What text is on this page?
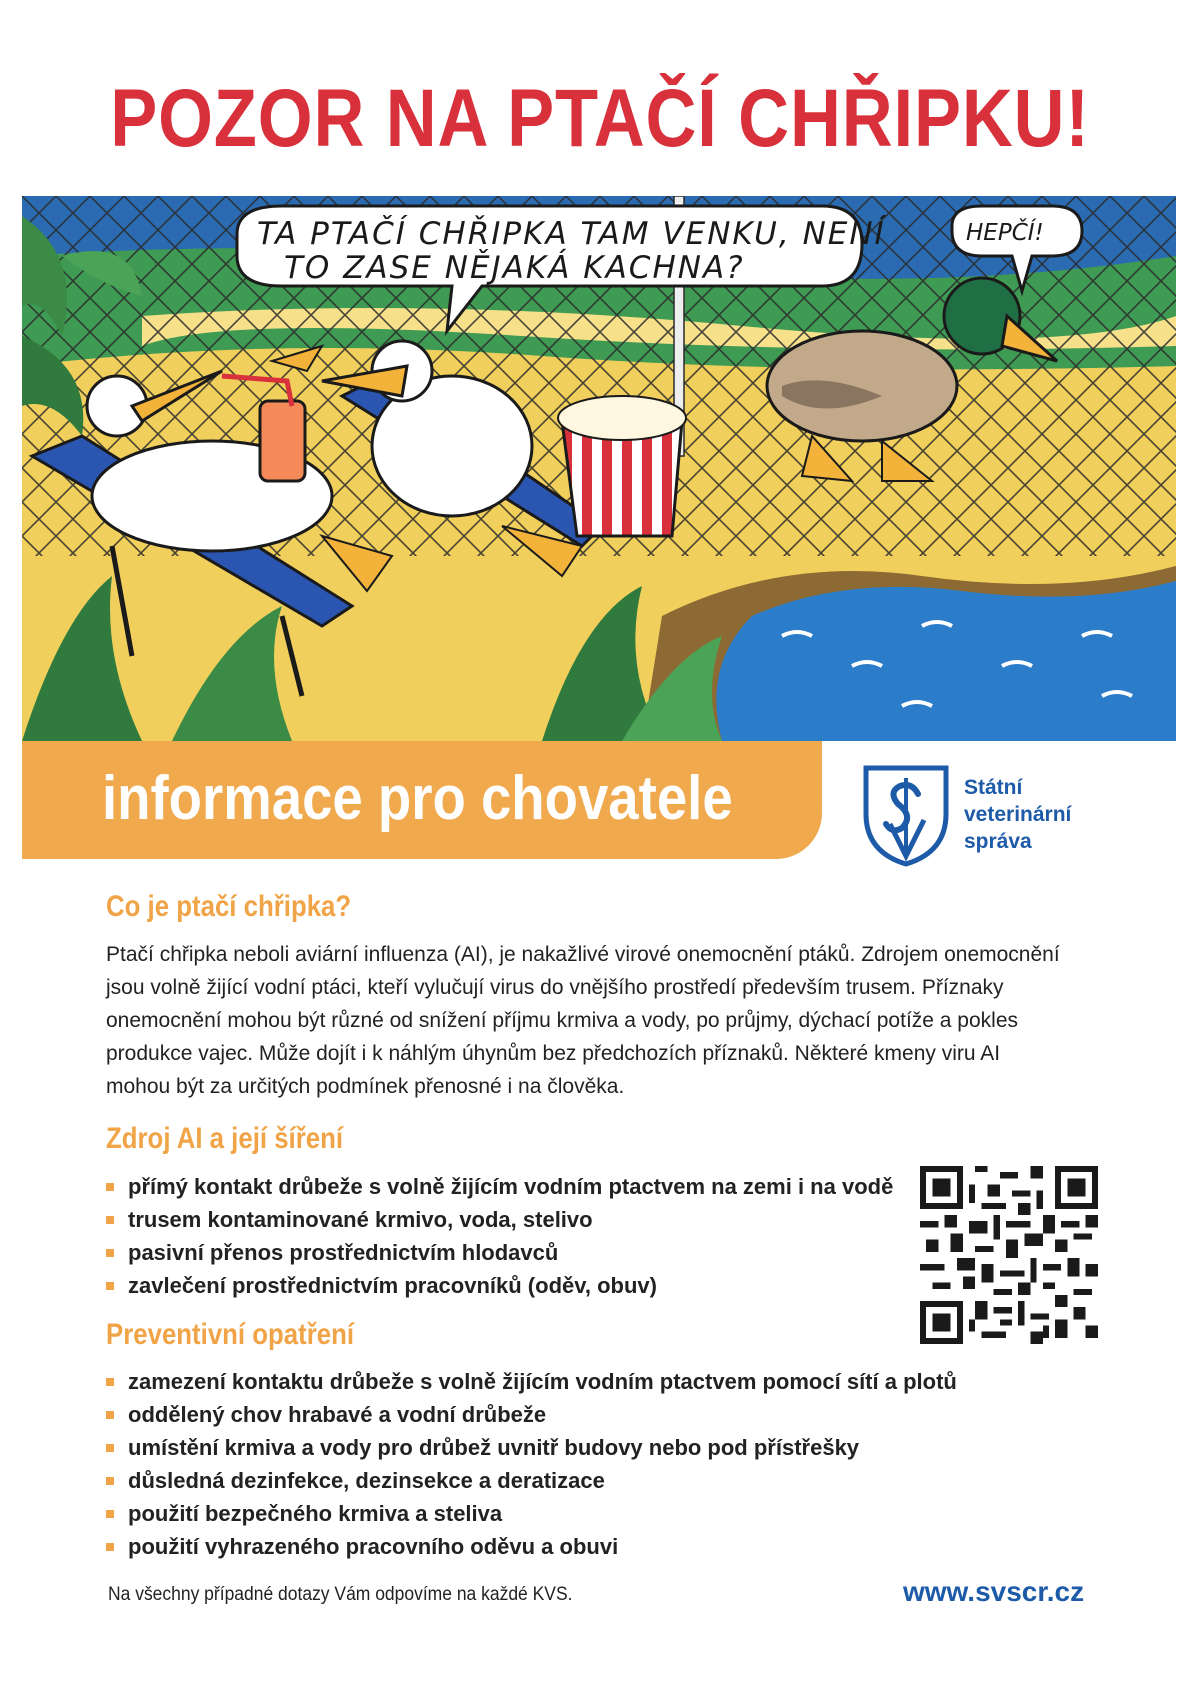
POZOR NA PTAČÍ CHŘIPKU!
TA PTAČÍ CHŘIPKA TAM VENKU, NENÍ
TO ZASE NĚJAKÁ KACHNA?
HEPČÍ!
informace pro chovatele	Státní
veterinární
správa
Co je ptačí chřipka?

Ptačí chřipka neboli aviární influenza (AI), je nakažlivé virové onemocnění ptáků. Zdrojem onemocnění
jsou volně žijící vodní ptáci, kteří vylučují virus do vnějšího prostředí především trusem. Příznaky
onemocnění mohou být různé od snížení příjmu krmiva a vody, po průjmy, dýchací potíže a pokles
produkce vajec. Může dojít i k náhlým úhynům bez předchozích příznaků. Některé kmeny viru AI
mohou být za určitých podmínek přenosné i na člověka.

Zdroj AI a její šíření
přímý kontakt drůbeže s volně žijícím vodním ptactvem na zemi i na vodě
trusem kontaminované krmivo, voda, stelivo
pasivní přenos prostřednictvím hlodavců
zavlečení prostřednictvím pracovníků (oděv, obuv)
Preventivní opatření
zamezení kontaktu drůbeže s volně žijícím vodním ptactvem pomocí sítí a plotů
oddělený chov hrabavé a vodní drůbeže
umístění krmiva a vody pro drůbež uvnitř budovy nebo pod přístřešky
důsledná dezinfekce, dezinsekce a deratizace
použití bezpečného krmiva a steliva
použití vyhrazeného pracovního oděvu a obuvi
Na všechny případné dotazy Vám odpovíme na každé KVS.	www.svscr.cz
